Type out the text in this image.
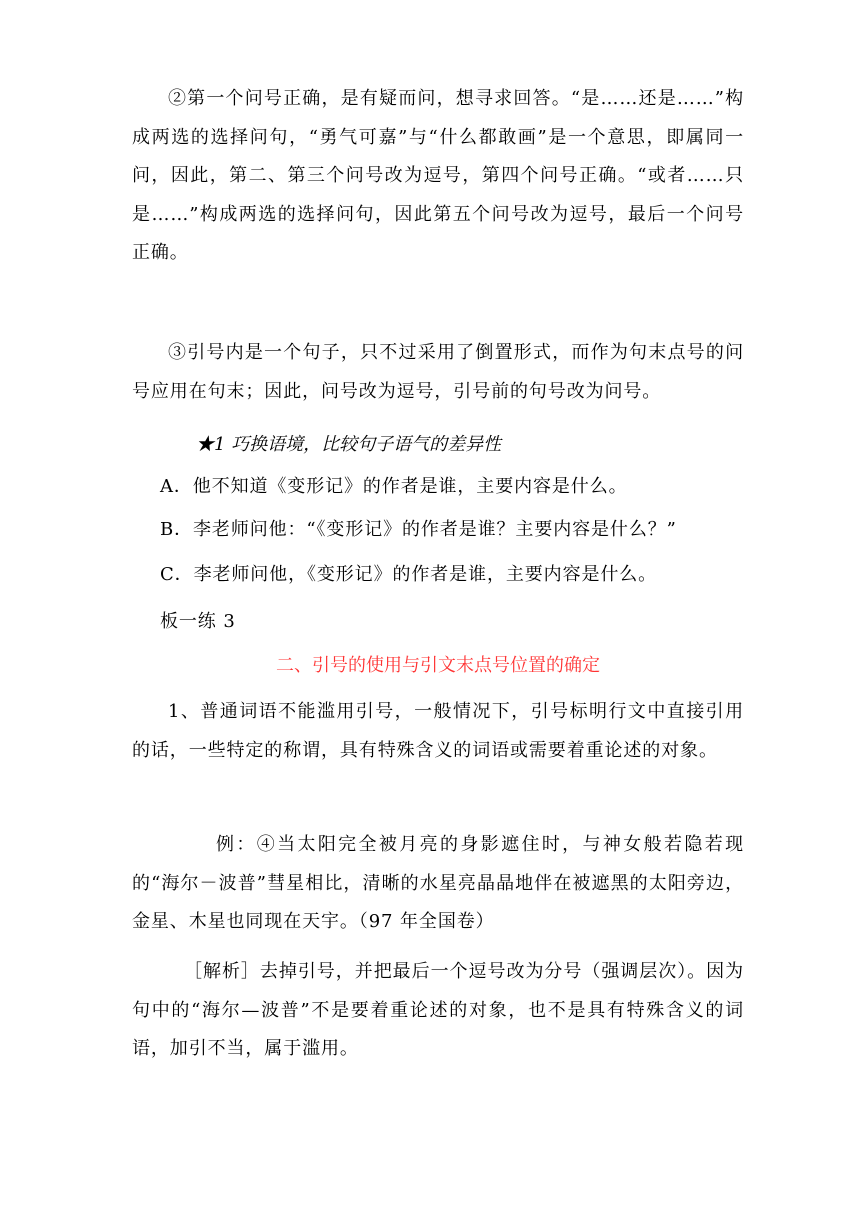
②第一个问号正确，是有疑而问，想寻求回答。“是……还是……”构成两选的选择问句，“勇气可嘉”与“什么都敢画”是一个意思，即属同一问，因此，第二、第三个问号改为逗号，第四个问号正确。“或者……只是……”构成两选的选择问句，因此第五个问号改为逗号，最后一个问号正确。

③引号内是一个句子，只不过采用了倒置形式，而作为句末点号的问号应用在句末；因此，问号改为逗号，引号前的句号改为问号。

★1 巧换语境，比较句子语气的差异性

A．他不知道《变形记》的作者是谁，主要内容是什么。

B．李老师问他：“《变形记》的作者是谁？主要内容是什么？”

C．李老师问他，《变形记》的作者是谁，主要内容是什么。

板一练 3

二、引号的使用与引文末点号位置的确定

1、普通词语不能滥用引号，一般情况下，引号标明行文中直接引用的话，一些特定的称谓，具有特殊含义的词语或需要着重论述的对象。

例：④当太阳完全被月亮的身影遮住时，与神女般若隐若现的“海尔－波普”彗星相比，清晰的水星亮晶晶地伴在被遮黑的太阳旁边，金星、木星也同现在天宇。（97 年全国卷）

［解析］去掉引号，并把最后一个逗号改为分号（强调层次）。因为句中的“海尔—波普”不是要着重论述的对象，也不是具有特殊含义的词语，加引不当，属于滥用。
